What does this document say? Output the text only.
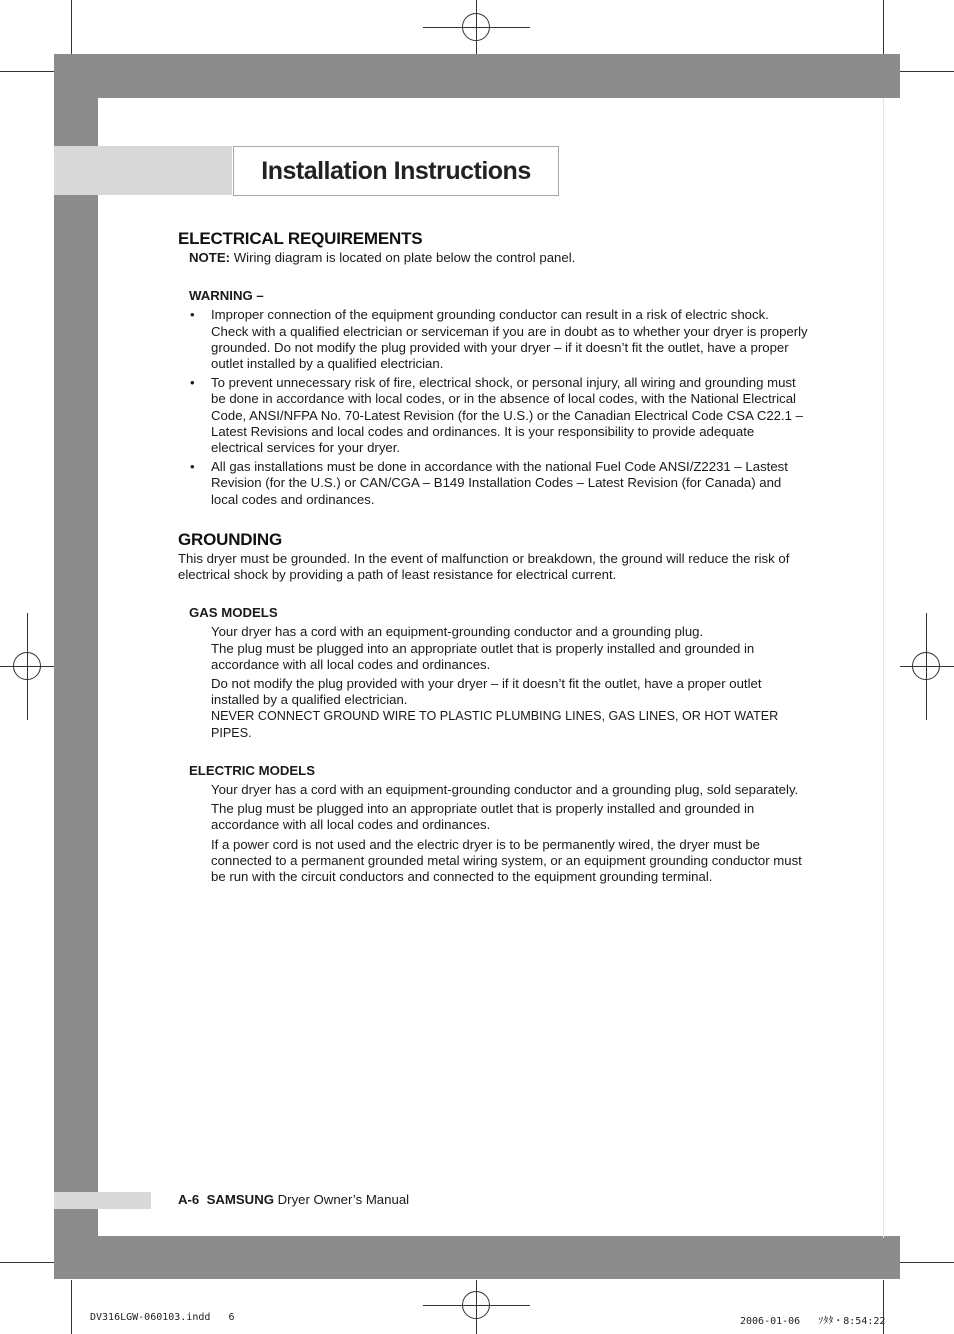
Installation Instructions
ELECTRICAL REQUIREMENTS

NOTE: Wiring diagram is located on plate below the control panel.

WARNING –

• Improper connection of the equipment grounding conductor can result in a risk of electric shock. Check with a qualified electrician or serviceman if you are in doubt as to whether your dryer is properly grounded. Do not modify the plug provided with your dryer – if it doesn’t fit the outlet, have a proper outlet installed by a qualified electrician.
• To prevent unnecessary risk of fire, electrical shock, or personal injury, all wiring and grounding must be done in accordance with local codes, or in the absence of local codes, with the National Electrical Code, ANSI/NFPA No. 70-Latest Revision (for the U.S.) or the Canadian Electrical Code CSA C22.1 – Latest Revisions and local codes and ordinances. It is your responsibility to provide adequate electrical services for your dryer.
• All gas installations must be done in accordance with the national Fuel Code ANSI/Z2231 – Lastest Revision (for the U.S.) or CAN/CGA – B149 Installation Codes – Latest Revision (for Canada) and local codes and ordinances.
GROUNDING

This dryer must be grounded. In the event of malfunction or breakdown, the ground will reduce the risk of electrical shock by providing a path of least resistance for electrical current.

GAS MODELS

Your dryer has a cord with an equipment-grounding conductor and a grounding plug.

The plug must be plugged into an appropriate outlet that is properly installed and grounded in accordance with all local codes and ordinances.

Do not modify the plug provided with your dryer – if it doesn’t fit the outlet, have a proper outlet installed by a qualified electrician.

NEVER CONNECT GROUND WIRE TO PLASTIC PLUMBING LINES, GAS LINES, OR HOT WATER PIPES.

ELECTRIC MODELS

Your dryer has a cord with an equipment-grounding conductor and a grounding plug, sold separately.

The plug must be plugged into an appropriate outlet that is properly installed and grounded in accordance with all local codes and ordinances.

If a power cord is not used and the electric dryer is to be permanently wired, the dryer must be connected to a permanent grounded metal wiring system, or an equipment grounding conductor must be run with the circuit conductors and connected to the equipment grounding terminal.

A-6 SAMSUNG Dryer Owner’s Manual
DV316LGW-060103.indd   6	2006-01-06   ｿﾀﾀ・8:54:22
